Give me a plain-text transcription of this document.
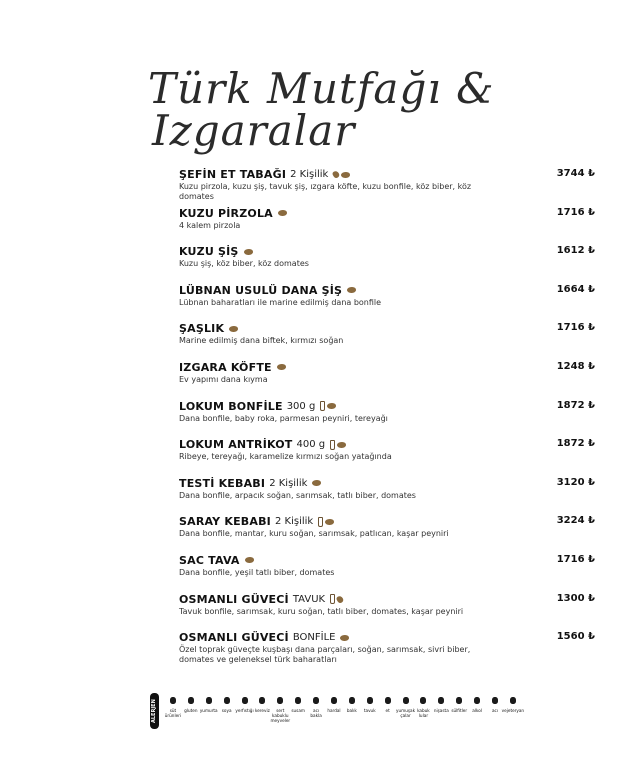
Türk Mutfağı &
Izgaralar
ŞEFİN ET TABAĞI 2 Kişilik	3744 ₺
Kuzu pirzola, kuzu şiş, tavuk şiş, ızgara köfte, kuzu bonfile, köz biber, köz domates
KUZU PİRZOLA	1716 ₺
4 kalem pirzola
KUZU ŞİŞ	1612 ₺
Kuzu şiş, köz biber, köz domates
LÜBNAN USULÜ DANA ŞİŞ	1664 ₺
Lübnan baharatları ile marine edilmiş dana bonfile
ŞAŞLIK	1716 ₺
Marine edilmiş dana biftek, kırmızı soğan
IZGARA KÖFTE	1248 ₺
Ev yapımı dana kıyma
LOKUM BONFİLE 300 g	1872 ₺
Dana bonfile, baby roka, parmesan peyniri, tereyağı
LOKUM ANTRİKOT 400 g	1872 ₺
Ribeye, tereyağı, karamelize kırmızı soğan yatağında
TESTİ KEBABI 2 Kişilik	3120 ₺
Dana bonfile, arpacık soğan, sarımsak, tatlı biber, domates
SARAY KEBABI 2 Kişilik	3224 ₺
Dana bonfile, mantar, kuru soğan, sarımsak, patlıcan, kaşar peyniri
SAC TAVA	1716 ₺
Dana bonfile, yeşil tatlı biber, domates
OSMANLI GÜVECİ TAVUK	1300 ₺
Tavuk bonfile, sarımsak, kuru soğan, tatlı biber, domates, kaşar peyniri
OSMANLI GÜVECİ BONFİLE	1560 ₺
Özel toprak güveçte kuşbaşı dana parçaları, soğan, sarımsak, sivri biber, domates ve geleneksel türk baharatları
ALERJEN	süt
ürünleri
gluten yumurta soya yerfıstığı kereviz	sert
kabuklu
meyveler
susam	acı
bakla
hardal balık tavuk et yumuşak
çalar
kabuk
lular
nişasta sülfitler alkol acı vejeteryan
